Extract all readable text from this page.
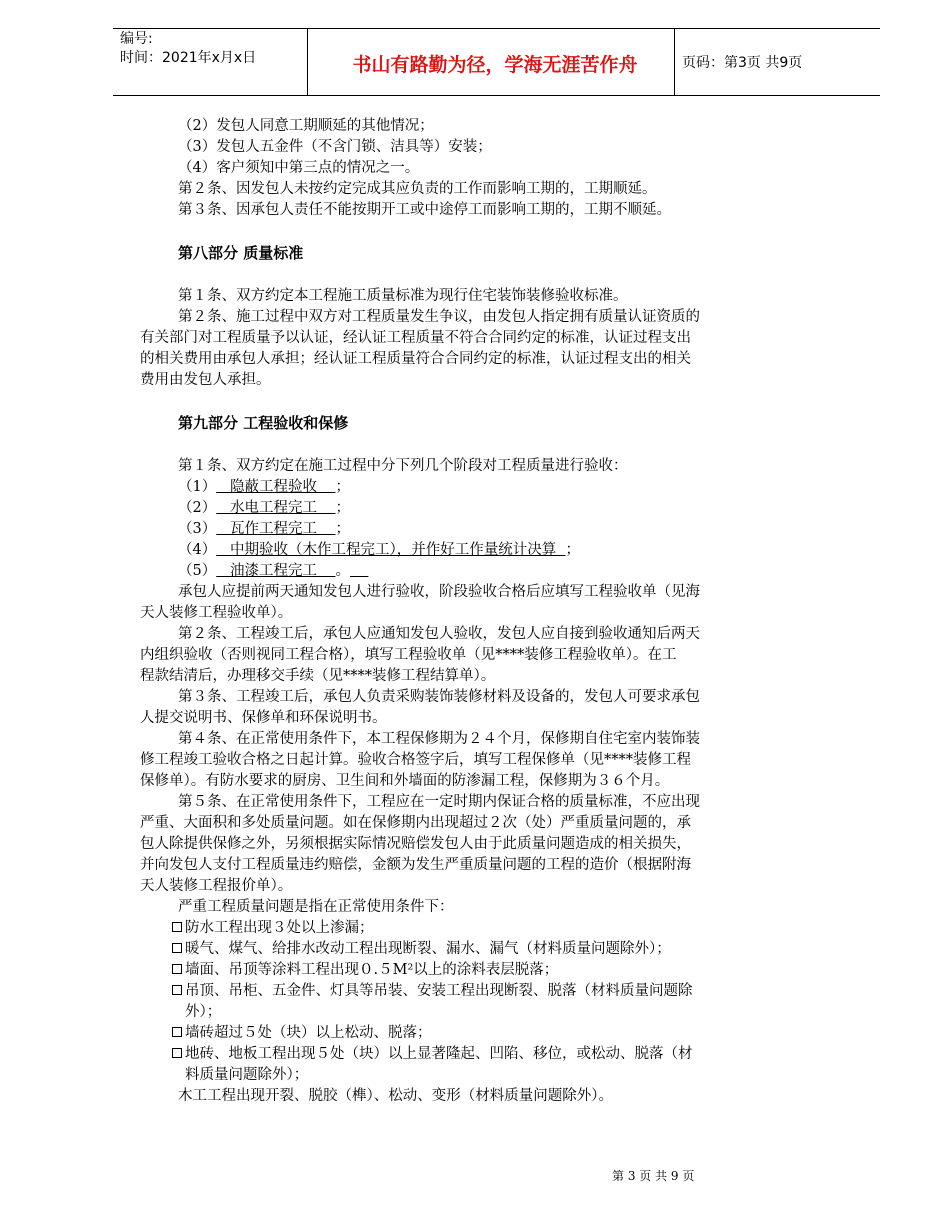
编号:
时间：2021年x月x日	书山有路勤为径，学海无涯苦作舟	页码：第3页 共9页
（2）发包人同意工期顺延的其他情况；
（3）发包人五金件（不含门锁、洁具等）安装；
（4）客户须知中第三点的情况之一。
第２条、因发包人未按约定完成其应负责的工作而影响工期的，工期顺延。
第３条、因承包人责任不能按期开工或中途停工而影响工期的，工期不顺延。
第八部分 质量标准
第１条、双方约定本工程施工质量标准为现行住宅装饰装修验收标准。
第２条、施工过程中双方对工程质量发生争议，由发包人指定拥有质量认证资质的
有关部门对工程质量予以认证，经认证工程质量不符合合同约定的标准，认证过程支出
的相关费用由承包人承担；经认证工程质量符合合同约定的标准，认证过程支出的相关
费用由发包人承担。
第九部分 工程验收和保修
第１条、双方约定在施工过程中分下列几个阶段对工程质量进行验收：
（1）   隐蔽工程验收    ；
（2）   水电工程完工    ；
（3）   瓦作工程完工    ；
（4）   中期验收（木作工程完工），并作好工作量统计决算  ；
（5）   油漆工程完工    。
承包人应提前两天通知发包人进行验收，阶段验收合格后应填写工程验收单（见海
天人装修工程验收单）。
第２条、工程竣工后，承包人应通知发包人验收，发包人应自接到验收通知后两天
内组织验收（否则视同工程合格），填写工程验收单（见****装修工程验收单）。在工
程款结清后，办理移交手续（见****装修工程结算单）。
第３条、工程竣工后，承包人负责采购装饰装修材料及设备的，发包人可要求承包
人提交说明书、保修单和环保说明书。
第４条、在正常使用条件下，本工程保修期为２４个月，保修期自住宅室内装饰装
修工程竣工验收合格之日起计算。验收合格签字后，填写工程保修单（见****装修工程
保修单）。有防水要求的厨房、卫生间和外墙面的防渗漏工程，保修期为３６个月。
第５条、在正常使用条件下，工程应在一定时期内保证合格的质量标准，不应出现
严重、大面积和多处质量问题。如在保修期内出现超过２次（处）严重质量问题的，承
包人除提供保修之外，另须根据实际情况赔偿发包人由于此质量问题造成的相关损失，
并向发包人支付工程质量违约赔偿，金额为发生严重质量问题的工程的造价（根据附海
天人装修工程报价单）。
严重工程质量问题是指在正常使用条件下：
防水工程出现３处以上渗漏；
暖气、煤气、给排水改动工程出现断裂、漏水、漏气（材料质量问题除外）；
墙面、吊顶等涂料工程出现０.５M²以上的涂料表层脱落；
吊顶、吊柜、五金件、灯具等吊装、安装工程出现断裂、脱落（材料质量问题除
外）；
墙砖超过５处（块）以上松动、脱落；
地砖、地板工程出现５处（块）以上显著隆起、凹陷、移位，或松动、脱落（材
料质量问题除外）；
木工工程出现开裂、脱胶（榫）、松动、变形（材料质量问题除外）。
第 3 页 共 9 页
